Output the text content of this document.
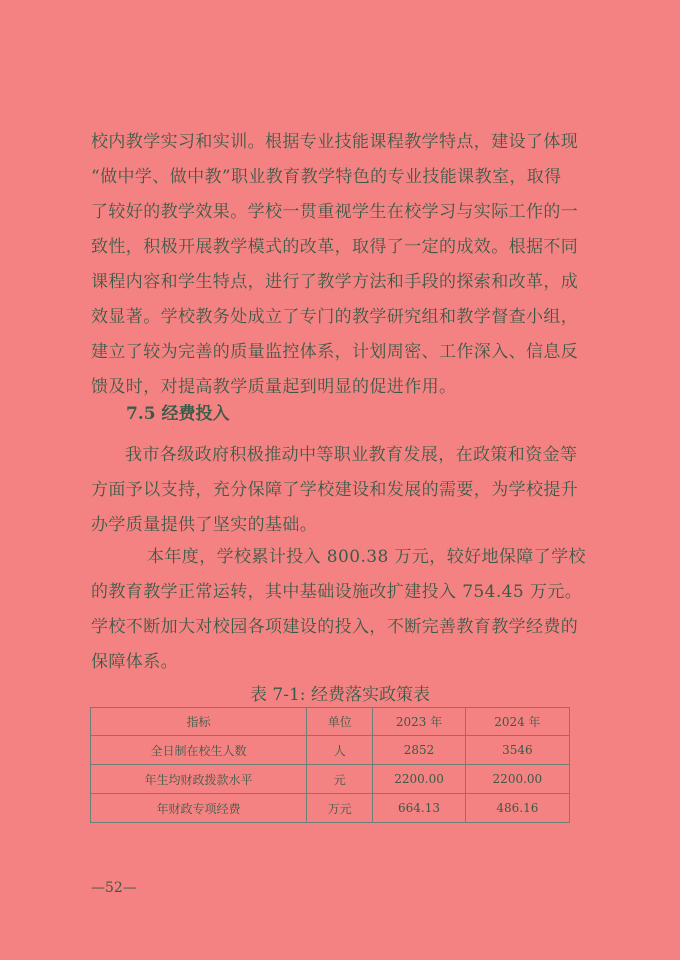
校内教学实习和实训。根据专业技能课程教学特点，建设了体现
“做中学、做中教”职业教育教学特色的专业技能课教室，取得
了较好的教学效果。学校一贯重视学生在校学习与实际工作的一
致性，积极开展教学模式的改革，取得了一定的成效。根据不同
课程内容和学生特点，进行了教学方法和手段的探索和改革，成
效显著。学校教务处成立了专门的教学研究组和教学督查小组，
建立了较为完善的质量监控体系，计划周密、工作深入、信息反
馈及时，对提高教学质量起到明显的促进作用。
7.5 经费投入
我市各级政府积极推动中等职业教育发展，在政策和资金等
方面予以支持，充分保障了学校建设和发展的需要，为学校提升
办学质量提供了坚实的基础。
本年度，学校累计投入 800.38 万元，较好地保障了学校
的教育教学正常运转，其中基础设施改扩建投入 754.45 万元。
学校不断加大对校园各项建设的投入，不断完善教育教学经费的
保障体系。
表 7-1: 经费落实政策表
指标	单位	2023 年	2024 年
全日制在校生人数	人	2852	3546
年生均财政拨款水平	元	2200.00	2200.00
年财政专项经费	万元	664.13	486.16
—52—
